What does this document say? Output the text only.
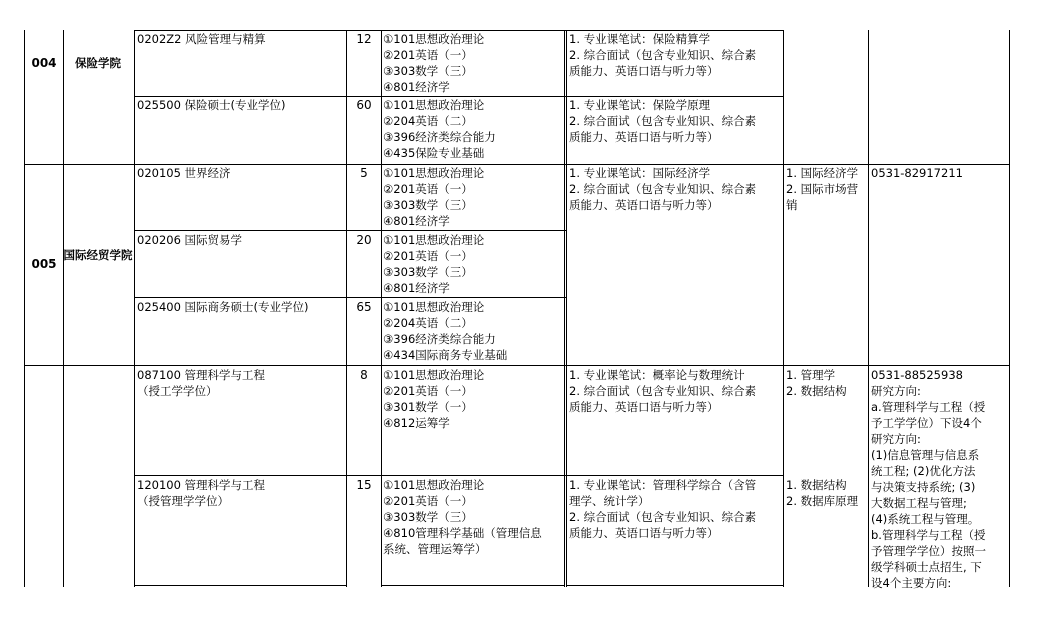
004	保险学院
005
国际经贸学院
0202Z2 风险管理与精算
025500 保险硕士(专业学位)
020105 世界经济
020206 国际贸易学
025400 国际商务硕士(专业学位)
087100 管理科学与工程
（授工学学位）
120100 管理科学与工程
（授管理学学位）
12
60
5
20
65
8
15
①101思想政治理论
②201英语（一）
③303数学（三）
④801经济学
①101思想政治理论
②204英语（二）
③396经济类综合能力
④435保险专业基础
①101思想政治理论
②201英语（一）
③303数学（三）
④801经济学
①101思想政治理论
②201英语（一）
③303数学（三）
④801经济学
①101思想政治理论
②204英语（二）
③396经济类综合能力
④434国际商务专业基础
①101思想政治理论
②201英语（一）
③301数学（一）
④812运筹学
①101思想政治理论
②201英语（一）
③303数学（三）
④810管理科学基础（管理信息
系统、管理运筹学）
1. 专业课笔试：保险精算学
2. 综合面试（包含专业知识、综合素
质能力、英语口语与听力等）
1. 专业课笔试：保险学原理
2. 综合面试（包含专业知识、综合素
质能力、英语口语与听力等）
1. 专业课笔试：国际经济学
2. 综合面试（包含专业知识、综合素
质能力、英语口语与听力等）
1. 专业课笔试：概率论与数理统计
2. 综合面试（包含专业知识、综合素
质能力、英语口语与听力等）
1. 专业课笔试：管理科学综合（含管
理学、统计学）
2. 综合面试（包含专业知识、综合素
质能力、英语口语与听力等）
1. 国际经济学
2. 国际市场营
销
1. 管理学
2. 数据结构
1. 数据结构
2. 数据库原理
0531-82917211
0531-88525938
研究方向:
a.管理科学与工程（授
予工学学位）下设4个
研究方向:
(1)信息管理与信息系
统工程; (2)优化方法
与决策支持系统; (3)
大数据工程与管理;
(4)系统工程与管理。
b.管理科学与工程（授
予管理学学位）按照一
级学科硕士点招生, 下
设4个主要方向:
